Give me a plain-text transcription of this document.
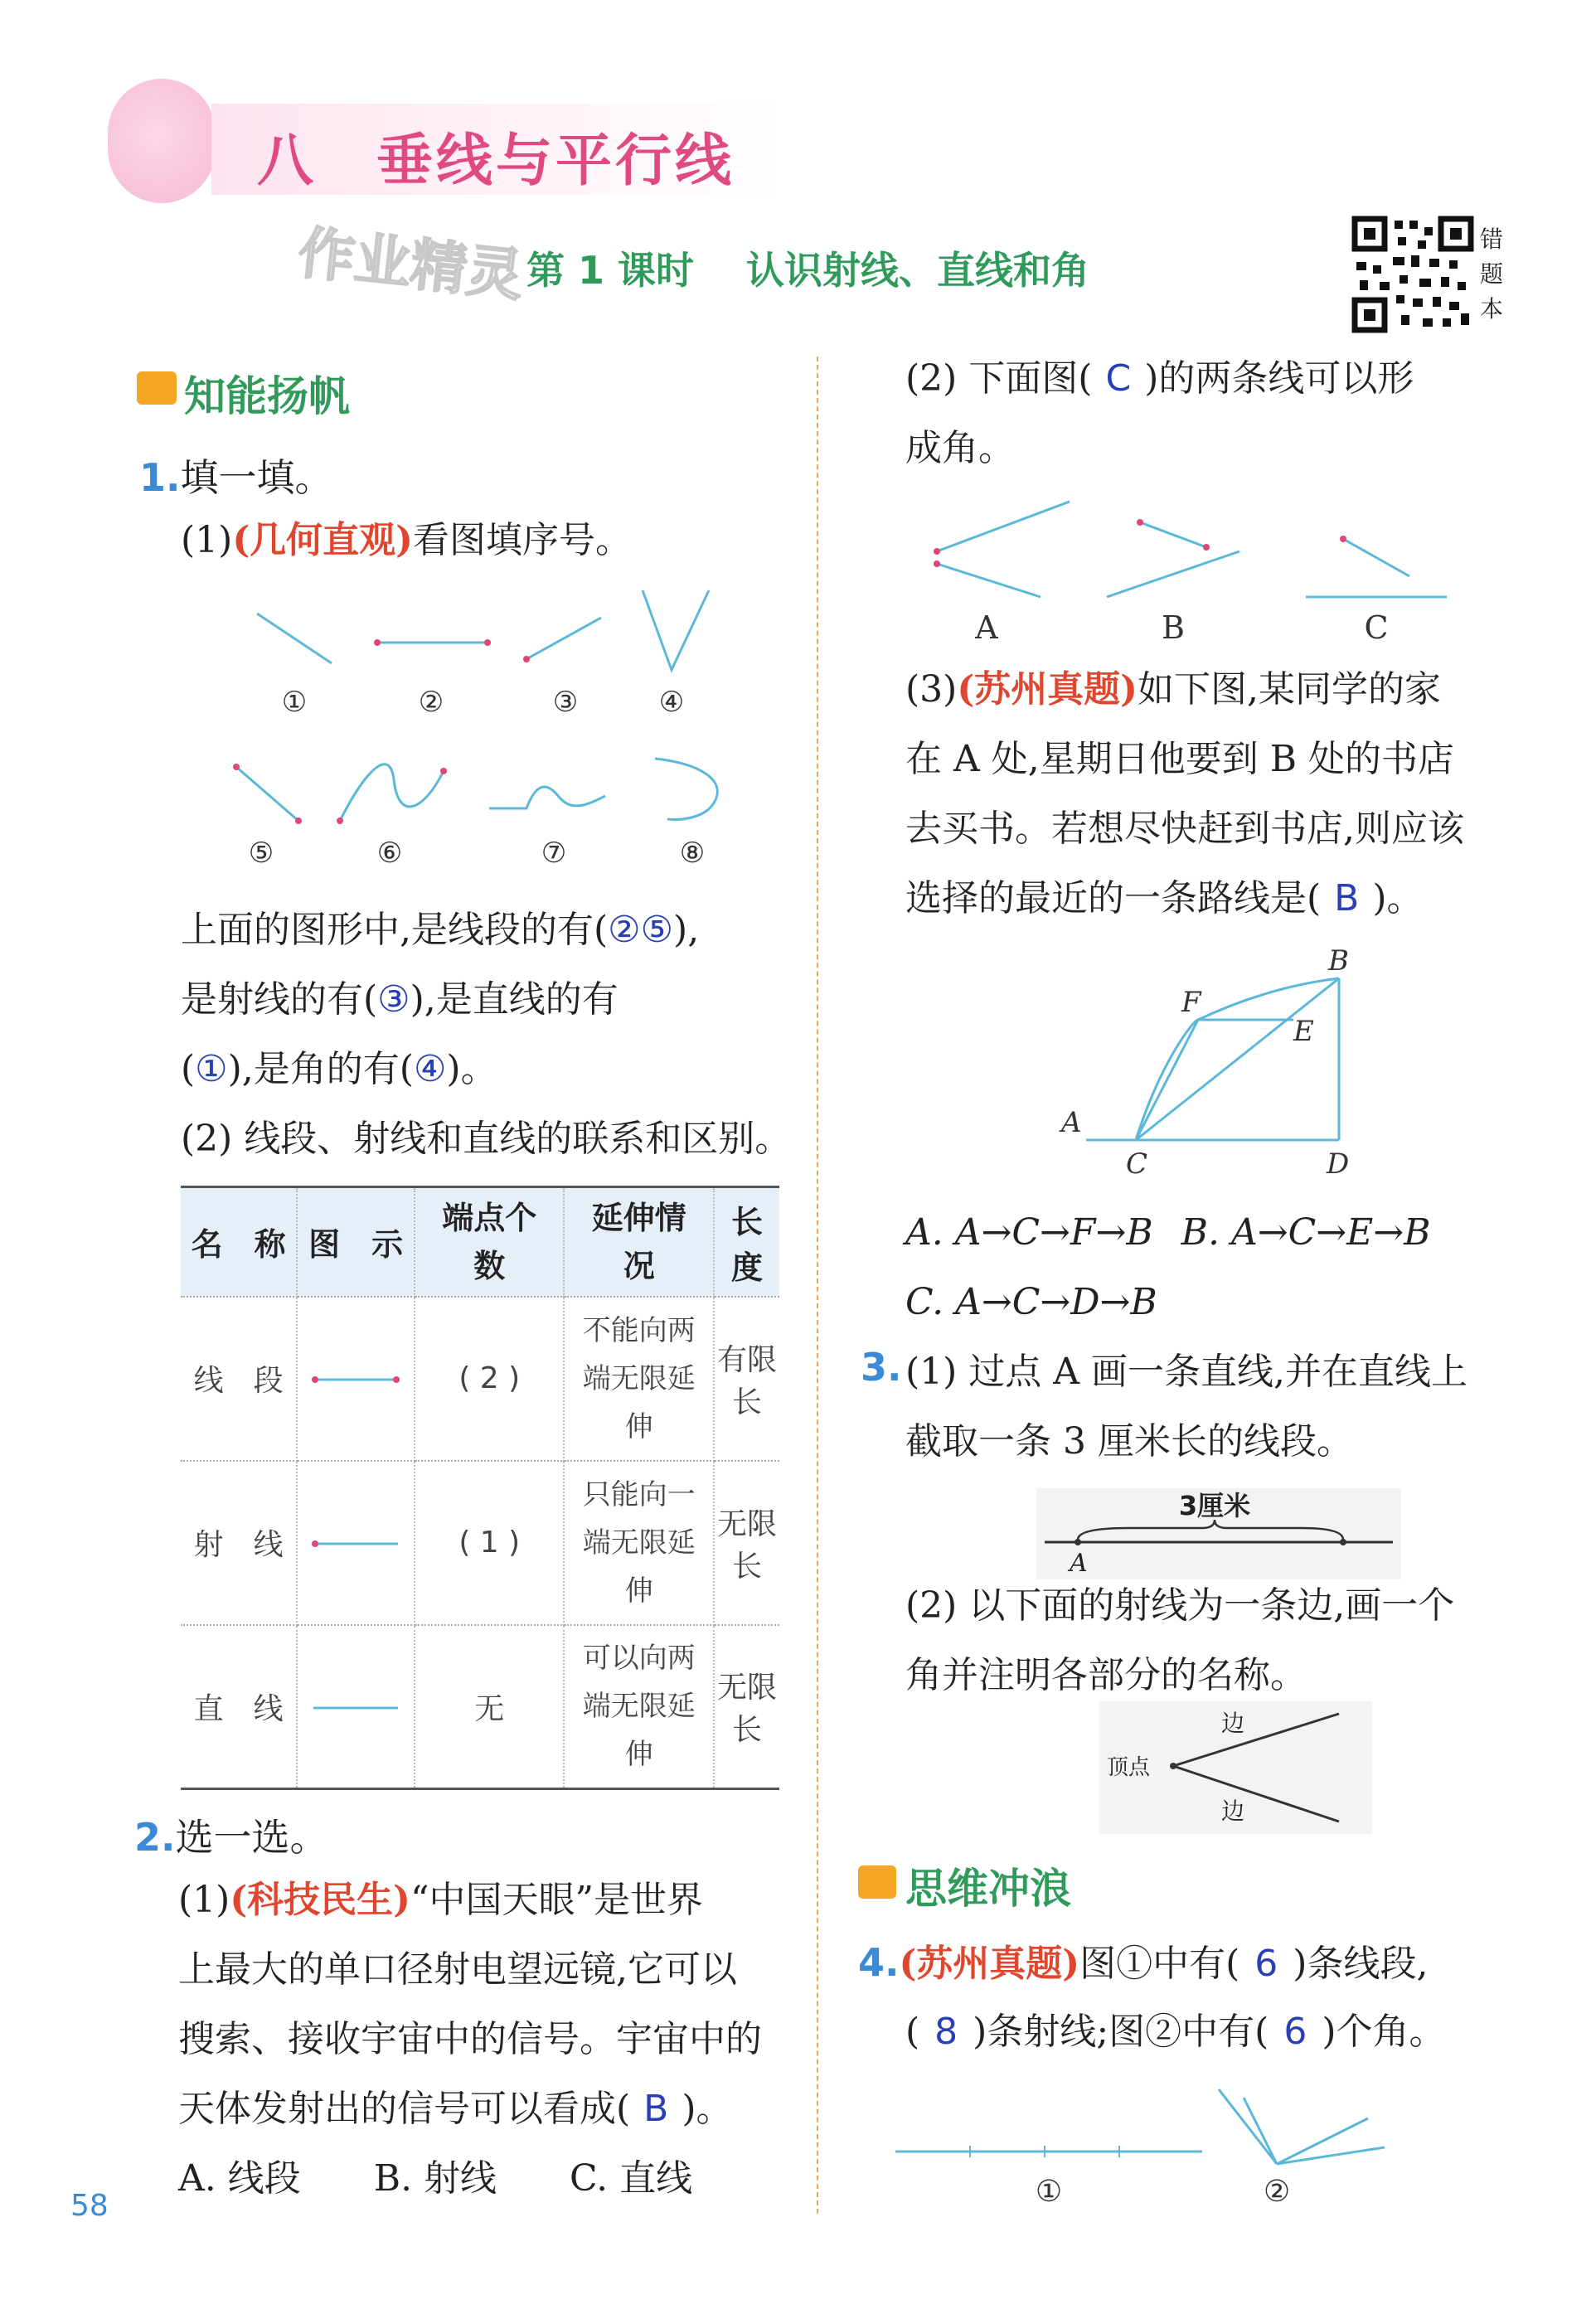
八　垂线与平行线
作业精灵 第 1 课时 认识射线、直线和角
错题本
知能扬帆
1.填一填。
(1)(几何直观)看图填序号。
①	②	③	④
⑤	⑥	⑦	⑧
上面的图形中,是线段的有(②⑤),
是射线的有(③),是直线的有
(①),是角的有(④)。
(2) 线段、射线和直线的联系和区别。
名　称	图　示	端点个数	延伸情况	长　度
线　段		( 2 )	不能向两端无限延伸	有限长
射　线		( 1 )	只能向一端无限延伸	无限长
直　线		无	可以向两端无限延伸	无限长
2.选一选。
(1)(科技民生)“中国天眼”是世界
上最大的单口径射电望远镜,它可以
搜索、接收宇宙中的信号。宇宙中的
天体发射出的信号可以看成( B )。
A. 线段　　B. 射线　　C. 直线
58
(2) 下面图( C )的两条线可以形
成角。
A	B	C
(3)(苏州真题)如下图,某同学的家
在 A 处,星期日他要到 B 处的书店
去买书。若想尽快赶到书店,则应该
选择的最近的一条路线是( B )。
B
F
E
A
C	D
A. A→C→F→B B. A→C→E→B
C. A→C→D→B
3. (1) 过点 A 画一条直线,并在直线上
截取一条 3 厘米长的线段。
3厘米
A
(2) 以下面的射线为一条边,画一个
角并注明各部分的名称。
边
顶点
边
思维冲浪
4.(苏州真题)图①中有( 6 )条线段,
( 8 )条射线;图②中有( 6 )个角。
①	②
